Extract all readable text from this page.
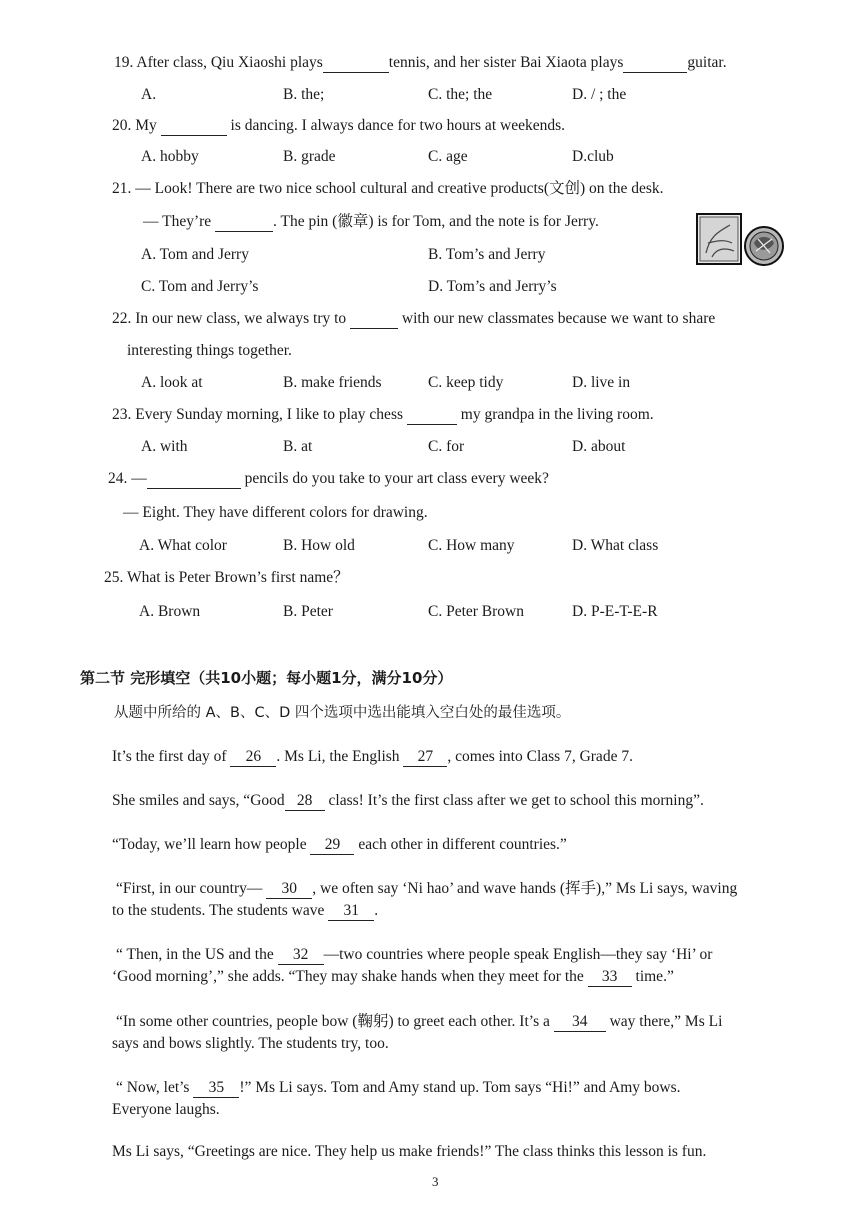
19. After class, Qiu Xiaoshi plays	tennis, and her sister Bai Xiaota plays	guitar.
A.	B. the;	C. the; the	D. / ; the
20. My	is dancing. I always dance for two hours at weekends.
A. hobby	B. grade	C. age	D.club
21. — Look! There are two nice school cultural and creative products(文创) on the desk.
— They’re	. The pin (徽章) is for Tom, and the note is for Jerry.
A. Tom and Jerry	B. Tom’s and Jerry
C. Tom and Jerry’s	D. Tom’s and Jerry’s
22. In our new class, we always try to	with our new classmates because we want to share
interesting things together.
A. look at	B. make friends	C. keep tidy	D. live in
23. Every Sunday morning, I like to play chess	my grandpa in the living room.
A. with	B. at	C. for	D. about
24. —	pencils do you take to your art class every week?
— Eight. They have different colors for drawing.
A. What color	B. How old	C. How many	D. What class
25. What is Peter Brown’s first name？
A. Brown	B. Peter	C. Peter Brown	D. P-E-T-E-R
第二节 完形填空（共10小题；每小题1分，满分10分）
从题中所给的 A、B、C、D 四个选项中选出能填入空白处的最佳选项。
It’s the first day of 26 . Ms Li, the English 27 , comes into Class 7, Grade 7.
She smiles and says, “Good 28 class! It’s the first class after we get to school this morning”.
“Today, we’ll learn how people 29 each other in different countries.”
“First, in our country— 30 , we often say ‘Ni hao’ and wave hands (挥手),” Ms Li says, waving
to the students. The students wave 31 .
“ Then, in the US and the 32 —two countries where people speak English—they say ‘Hi’ or
‘Good morning’,” she adds. “They may shake hands when they meet for the 33 time.”
“In some other countries, people bow (鞠躬) to greet each other. It’s a 34 way there,” Ms Li
says and bows slightly. The students try, too.
“ Now, let’s 35 !” Ms Li says. Tom and Amy stand up. Tom says “Hi!” and Amy bows.
Everyone laughs.
Ms Li says, “Greetings are nice. They help us make friends!” The class thinks this lesson is fun.
3
